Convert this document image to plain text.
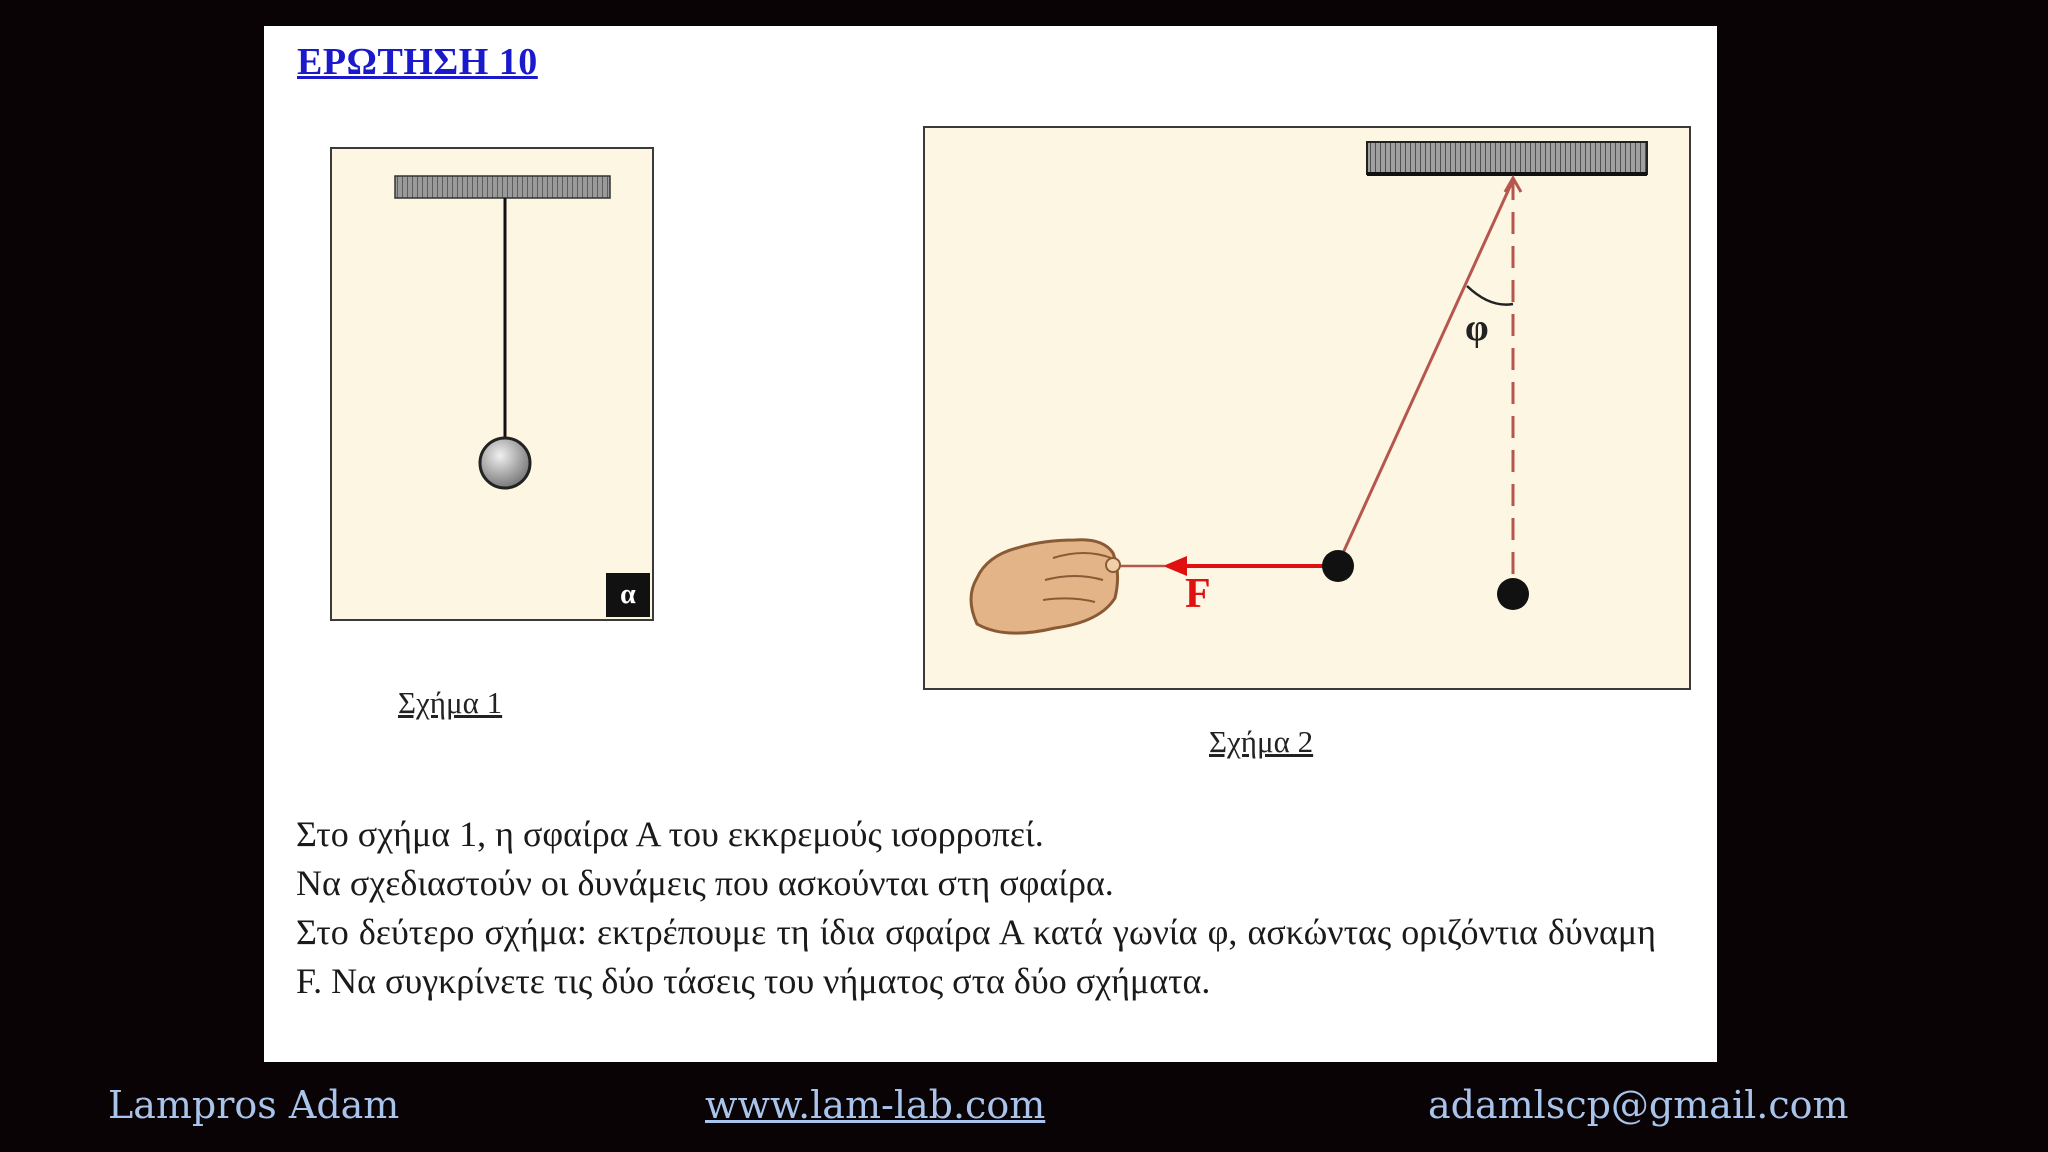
ΕΡΩΤΗΣΗ 10
α
Σχήμα 1
φ
F
Σχήμα 2
Στο σχήμα 1, η σφαίρα Α του εκκρεμούς ισορροπεί.
Να σχεδιαστούν οι δυνάμεις που ασκούνται στη σφαίρα.
Στο δεύτερο σχήμα: εκτρέπουμε τη ίδια σφαίρα Α κατά γωνία φ, ασκώντας οριζόντια δύναμη F. Να συγκρίνετε τις δύο τάσεις του νήματος στα δύο σχήματα.
Lampros Adam	www.lam-lab.com	adamlscp@gmail.com
